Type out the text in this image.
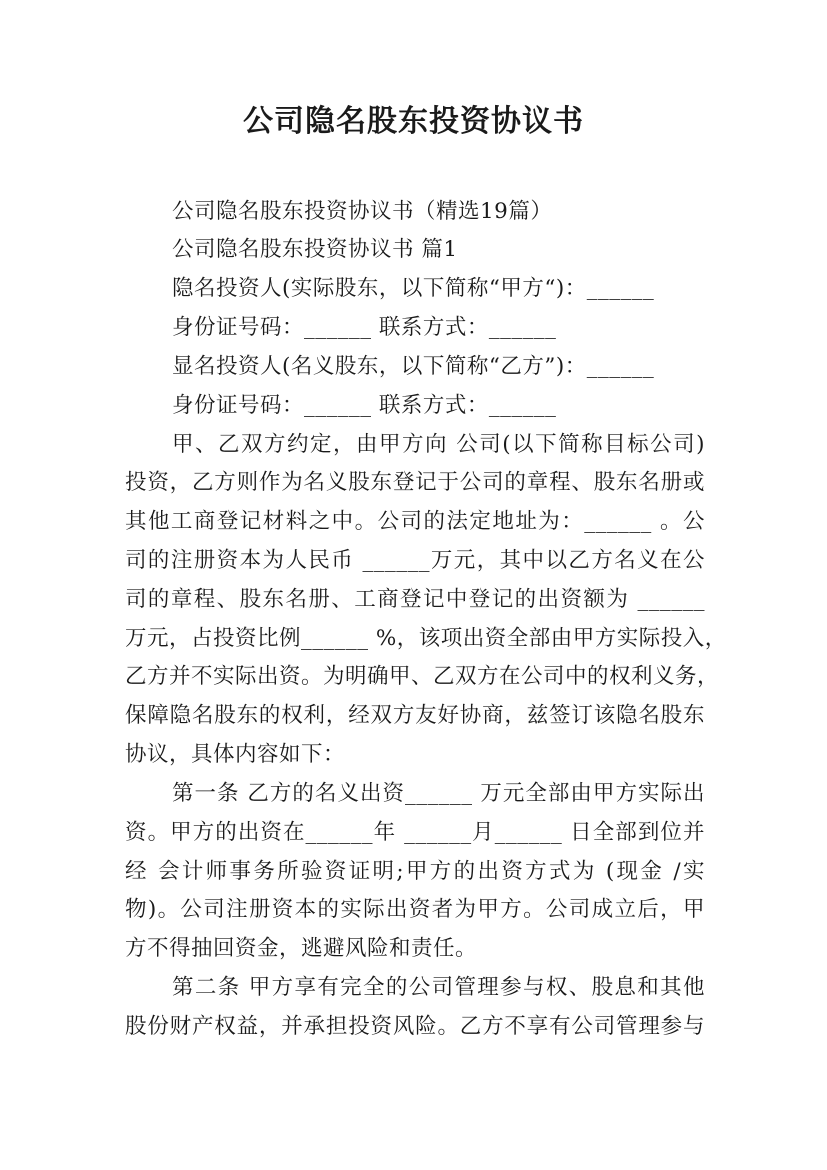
公司隐名股东投资协议书
公司隐名股东投资协议书（精选19篇）
公司隐名股东投资协议书 篇1
隐名投资人(实际股东，以下简称“甲方“)：______
身份证号码：______ 联系方式：______
显名投资人(名义股东，以下简称“乙方”)：______
身份证号码：______ 联系方式：______
甲、乙双方约定，由甲方向 公司(以下简称目标公司)
投资，乙方则作为名义股东登记于公司的章程、股东名册或
其他工商登记材料之中。公司的法定地址为：______ 。公
司的注册资本为人民币 ______万元，其中以乙方名义在公
司的章程、股东名册、工商登记中登记的出资额为 ______
万元，占投资比例______ %，该项出资全部由甲方实际投入，
乙方并不实际出资。为明确甲、乙双方在公司中的权利义务，
保障隐名股东的权利，经双方友好协商，兹签订该隐名股东
协议，具体内容如下：
第一条 乙方的名义出资______ 万元全部由甲方实际出
资。甲方的出资在______年 ______月______ 日全部到位并
经 会计师事务所验资证明;甲方的出资方式为 (现金 /实
物)。公司注册资本的实际出资者为甲方。公司成立后，甲
方不得抽回资金，逃避风险和责任。
第二条 甲方享有完全的公司管理参与权、股息和其他
股份财产权益，并承担投资风险。乙方不享有公司管理参与
